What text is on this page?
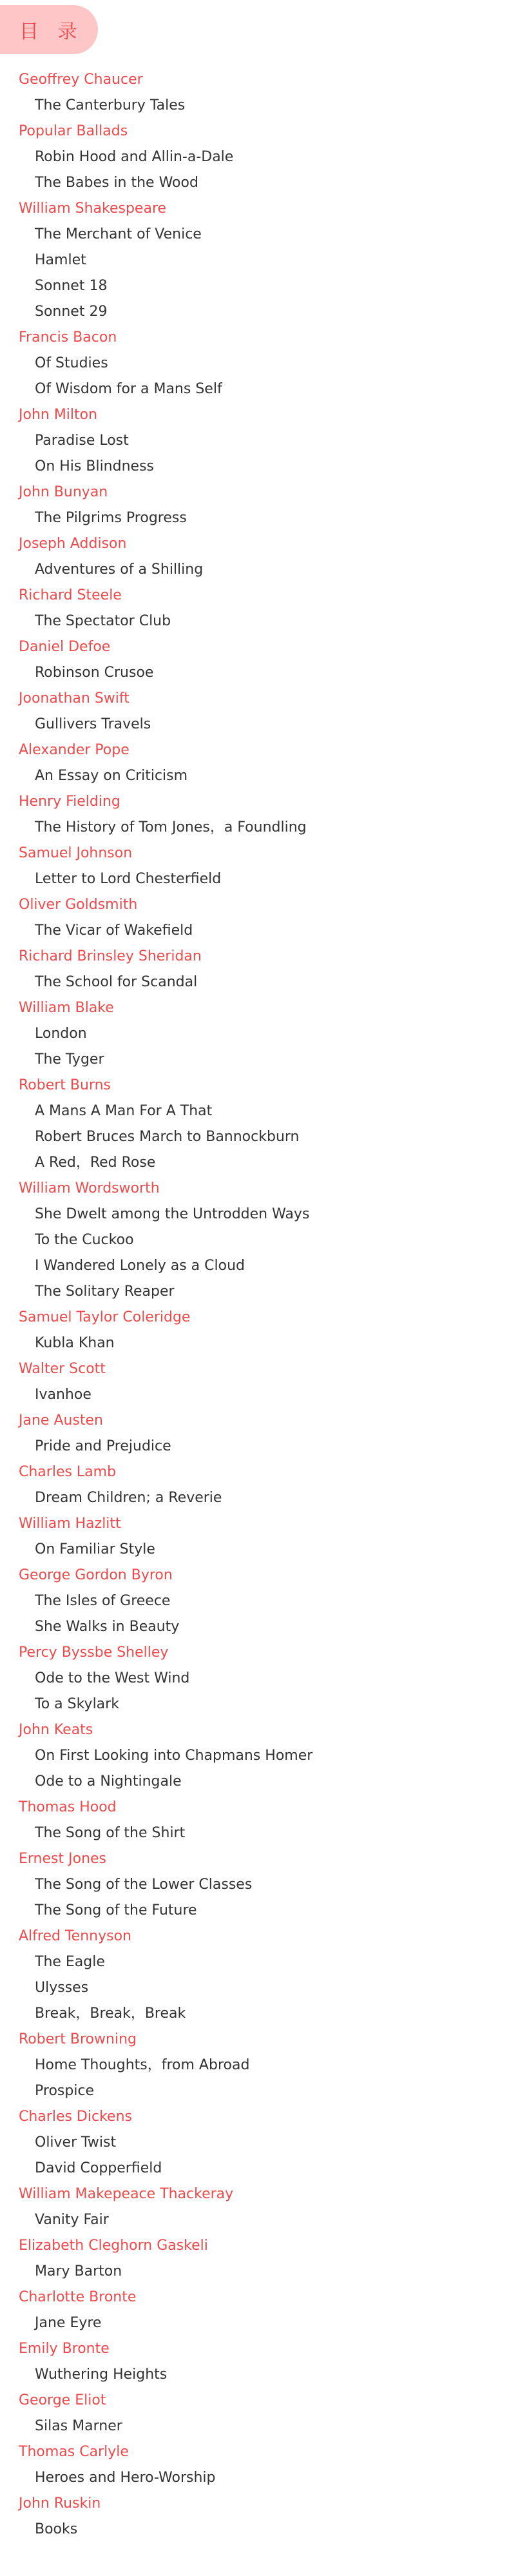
目 录
Geoffrey Chaucer
The Canterbury Tales
Popular Ballads
Robin Hood and Allin-a-Dale
The Babes in the Wood
William Shakespeare
The Merchant of Venice
Hamlet
Sonnet 18
Sonnet 29
Francis Bacon
Of Studies
Of Wisdom for a Mans Self
John Milton
Paradise Lost
On His Blindness
John Bunyan
The Pilgrims Progress
Joseph Addison
Adventures of a Shilling
Richard Steele
The Spectator Club
Daniel Defoe
Robinson Crusoe
Joonathan Swift
Gullivers Travels
Alexander Pope
An Essay on Criticism
Henry Fielding
The History of Tom Jones，a Foundling
Samuel Johnson
Letter to Lord Chesterfield
Oliver Goldsmith
The Vicar of Wakefield
Richard Brinsley Sheridan
The School for Scandal
William Blake
London
The Tyger
Robert Burns
A Mans A Man For A That
Robert Bruces March to Bannockburn
A Red，Red Rose
William Wordsworth
She Dwelt among the Untrodden Ways
To the Cuckoo
I Wandered Lonely as a Cloud
The Solitary Reaper
Samuel Taylor Coleridge
Kubla Khan
Walter Scott
Ivanhoe
Jane Austen
Pride and Prejudice
Charles Lamb
Dream Children; a Reverie
William Hazlitt
On Familiar Style
George Gordon Byron
The Isles of Greece
She Walks in Beauty
Percy Byssbe Shelley
Ode to the West Wind
To a Skylark
John Keats
On First Looking into Chapmans Homer
Ode to a Nightingale
Thomas Hood
The Song of the Shirt
Ernest Jones
The Song of the Lower Classes
The Song of the Future
Alfred Tennyson
The Eagle
Ulysses
Break，Break，Break
Robert Browning
Home Thoughts，from Abroad
Prospice
Charles Dickens
Oliver Twist
David Copperfield
William Makepeace Thackeray
Vanity Fair
Elizabeth Cleghorn Gaskeli
Mary Barton
Charlotte Bronte
Jane Eyre
Emily Bronte
Wuthering Heights
George Eliot
Silas Marner
Thomas Carlyle
Heroes and Hero-Worship
John Ruskin
Books
